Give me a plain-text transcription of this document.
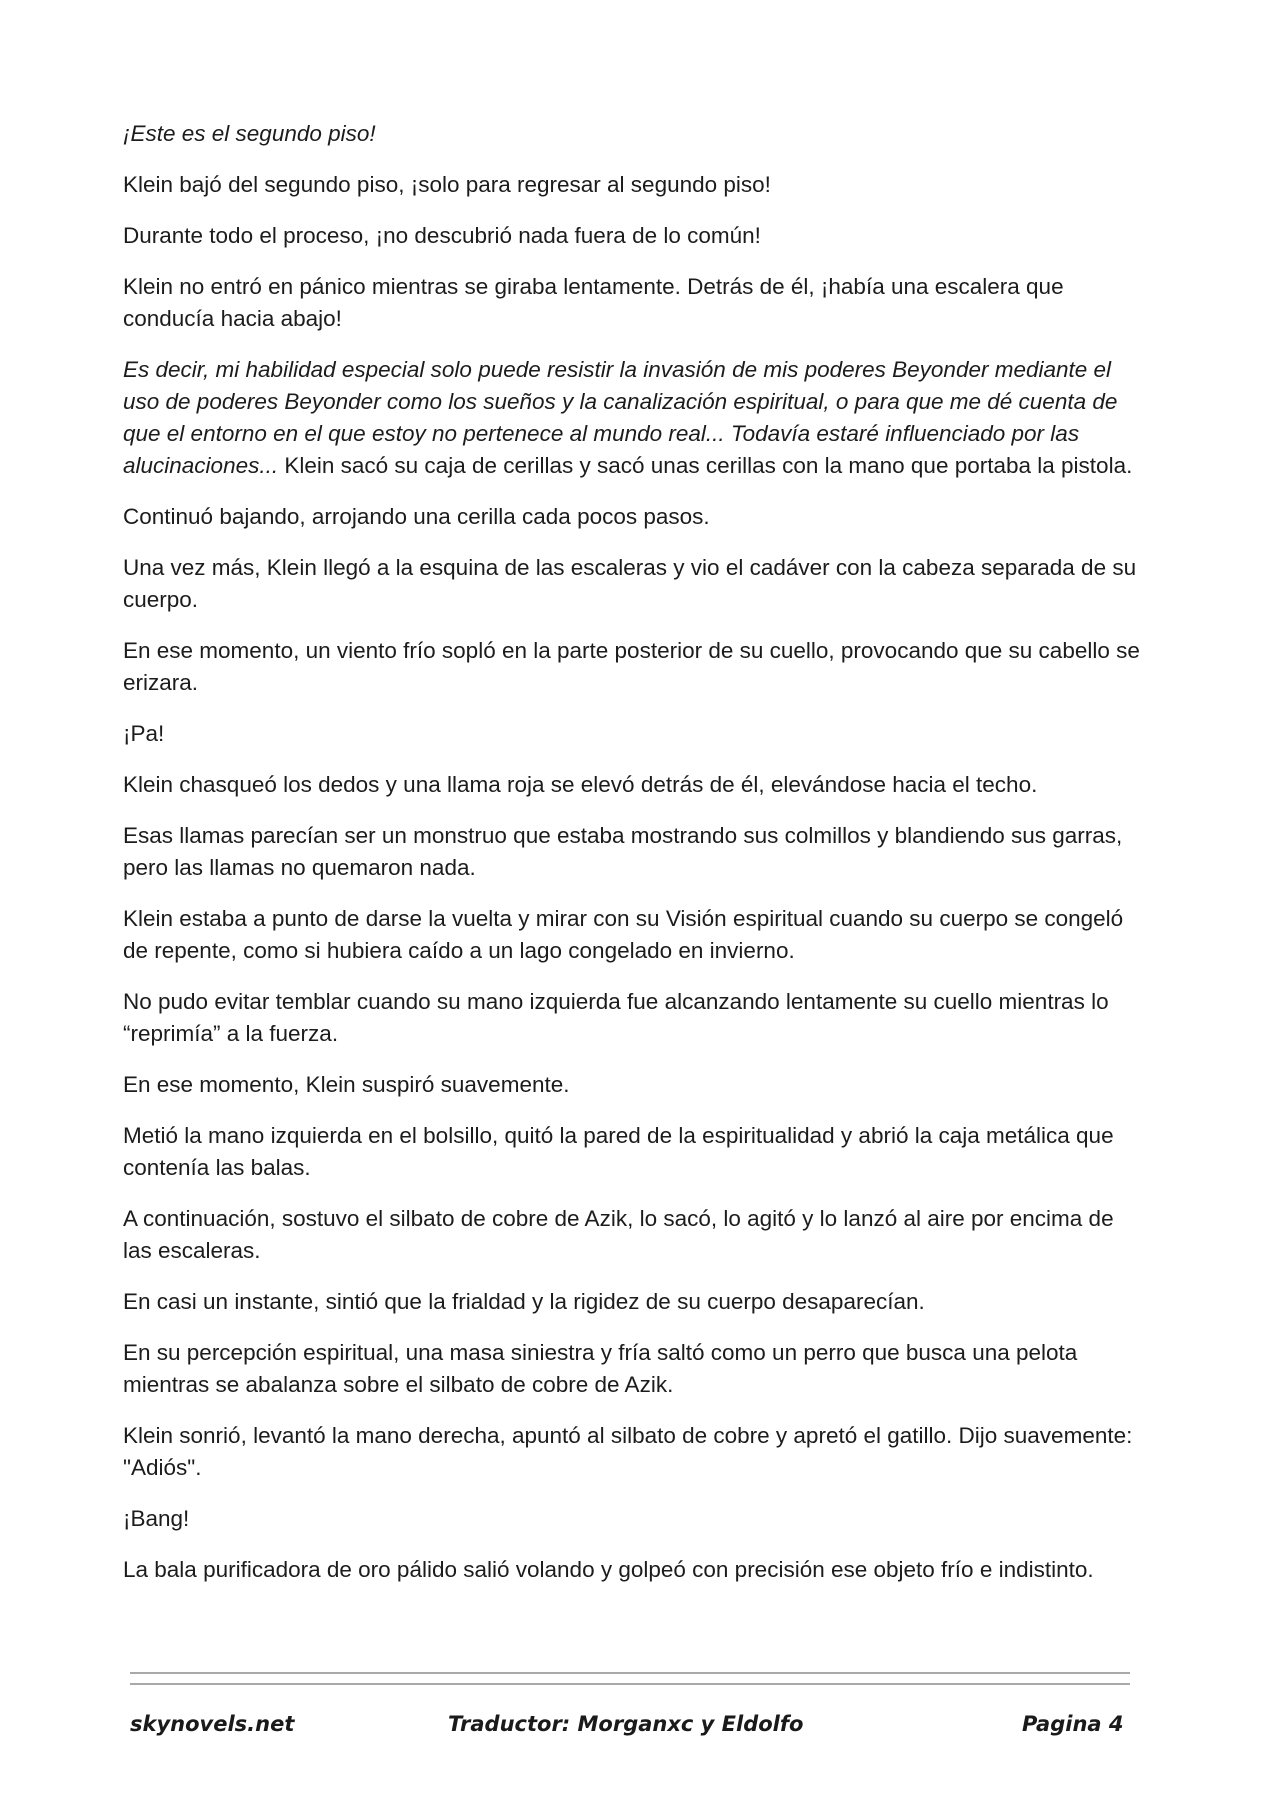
¡Este es el segundo piso!

Klein bajó del segundo piso, ¡solo para regresar al segundo piso!

Durante todo el proceso, ¡no descubrió nada fuera de lo común!

Klein no entró en pánico mientras se giraba lentamente. Detrás de él, ¡había una escalera que conducía hacia abajo!

Es decir, mi habilidad especial solo puede resistir la invasión de mis poderes Beyonder mediante el uso de poderes Beyonder como los sueños y la canalización espiritual, o para que me dé cuenta de que el entorno en el que estoy no pertenece al mundo real... Todavía estaré influenciado por las alucinaciones... Klein sacó su caja de cerillas y sacó unas cerillas con la mano que portaba la pistola.

Continuó bajando, arrojando una cerilla cada pocos pasos.

Una vez más, Klein llegó a la esquina de las escaleras y vio el cadáver con la cabeza separada de su cuerpo.

En ese momento, un viento frío sopló en la parte posterior de su cuello, provocando que su cabello se erizara.

¡Pa!

Klein chasqueó los dedos y una llama roja se elevó detrás de él, elevándose hacia el techo.

Esas llamas parecían ser un monstruo que estaba mostrando sus colmillos y blandiendo sus garras, pero las llamas no quemaron nada.

Klein estaba a punto de darse la vuelta y mirar con su Visión espiritual cuando su cuerpo se congeló de repente, como si hubiera caído a un lago congelado en invierno.

No pudo evitar temblar cuando su mano izquierda fue alcanzando lentamente su cuello mientras lo “reprimía” a la fuerza.

En ese momento, Klein suspiró suavemente.

Metió la mano izquierda en el bolsillo, quitó la pared de la espiritualidad y abrió la caja metálica que contenía las balas.

A continuación, sostuvo el silbato de cobre de Azik, lo sacó, lo agitó y lo lanzó al aire por encima de las escaleras.

En casi un instante, sintió que la frialdad y la rigidez de su cuerpo desaparecían.

En su percepción espiritual, una masa siniestra y fría saltó como un perro que busca una pelota mientras se abalanza sobre el silbato de cobre de Azik.

Klein sonrió, levantó la mano derecha, apuntó al silbato de cobre y apretó el gatillo. Dijo suavemente: "Adiós".

¡Bang!

La bala purificadora de oro pálido salió volando y golpeó con precisión ese objeto frío e indistinto.

skynovels.net	Traductor: Morganxc y Eldolfo	Pagina 4
